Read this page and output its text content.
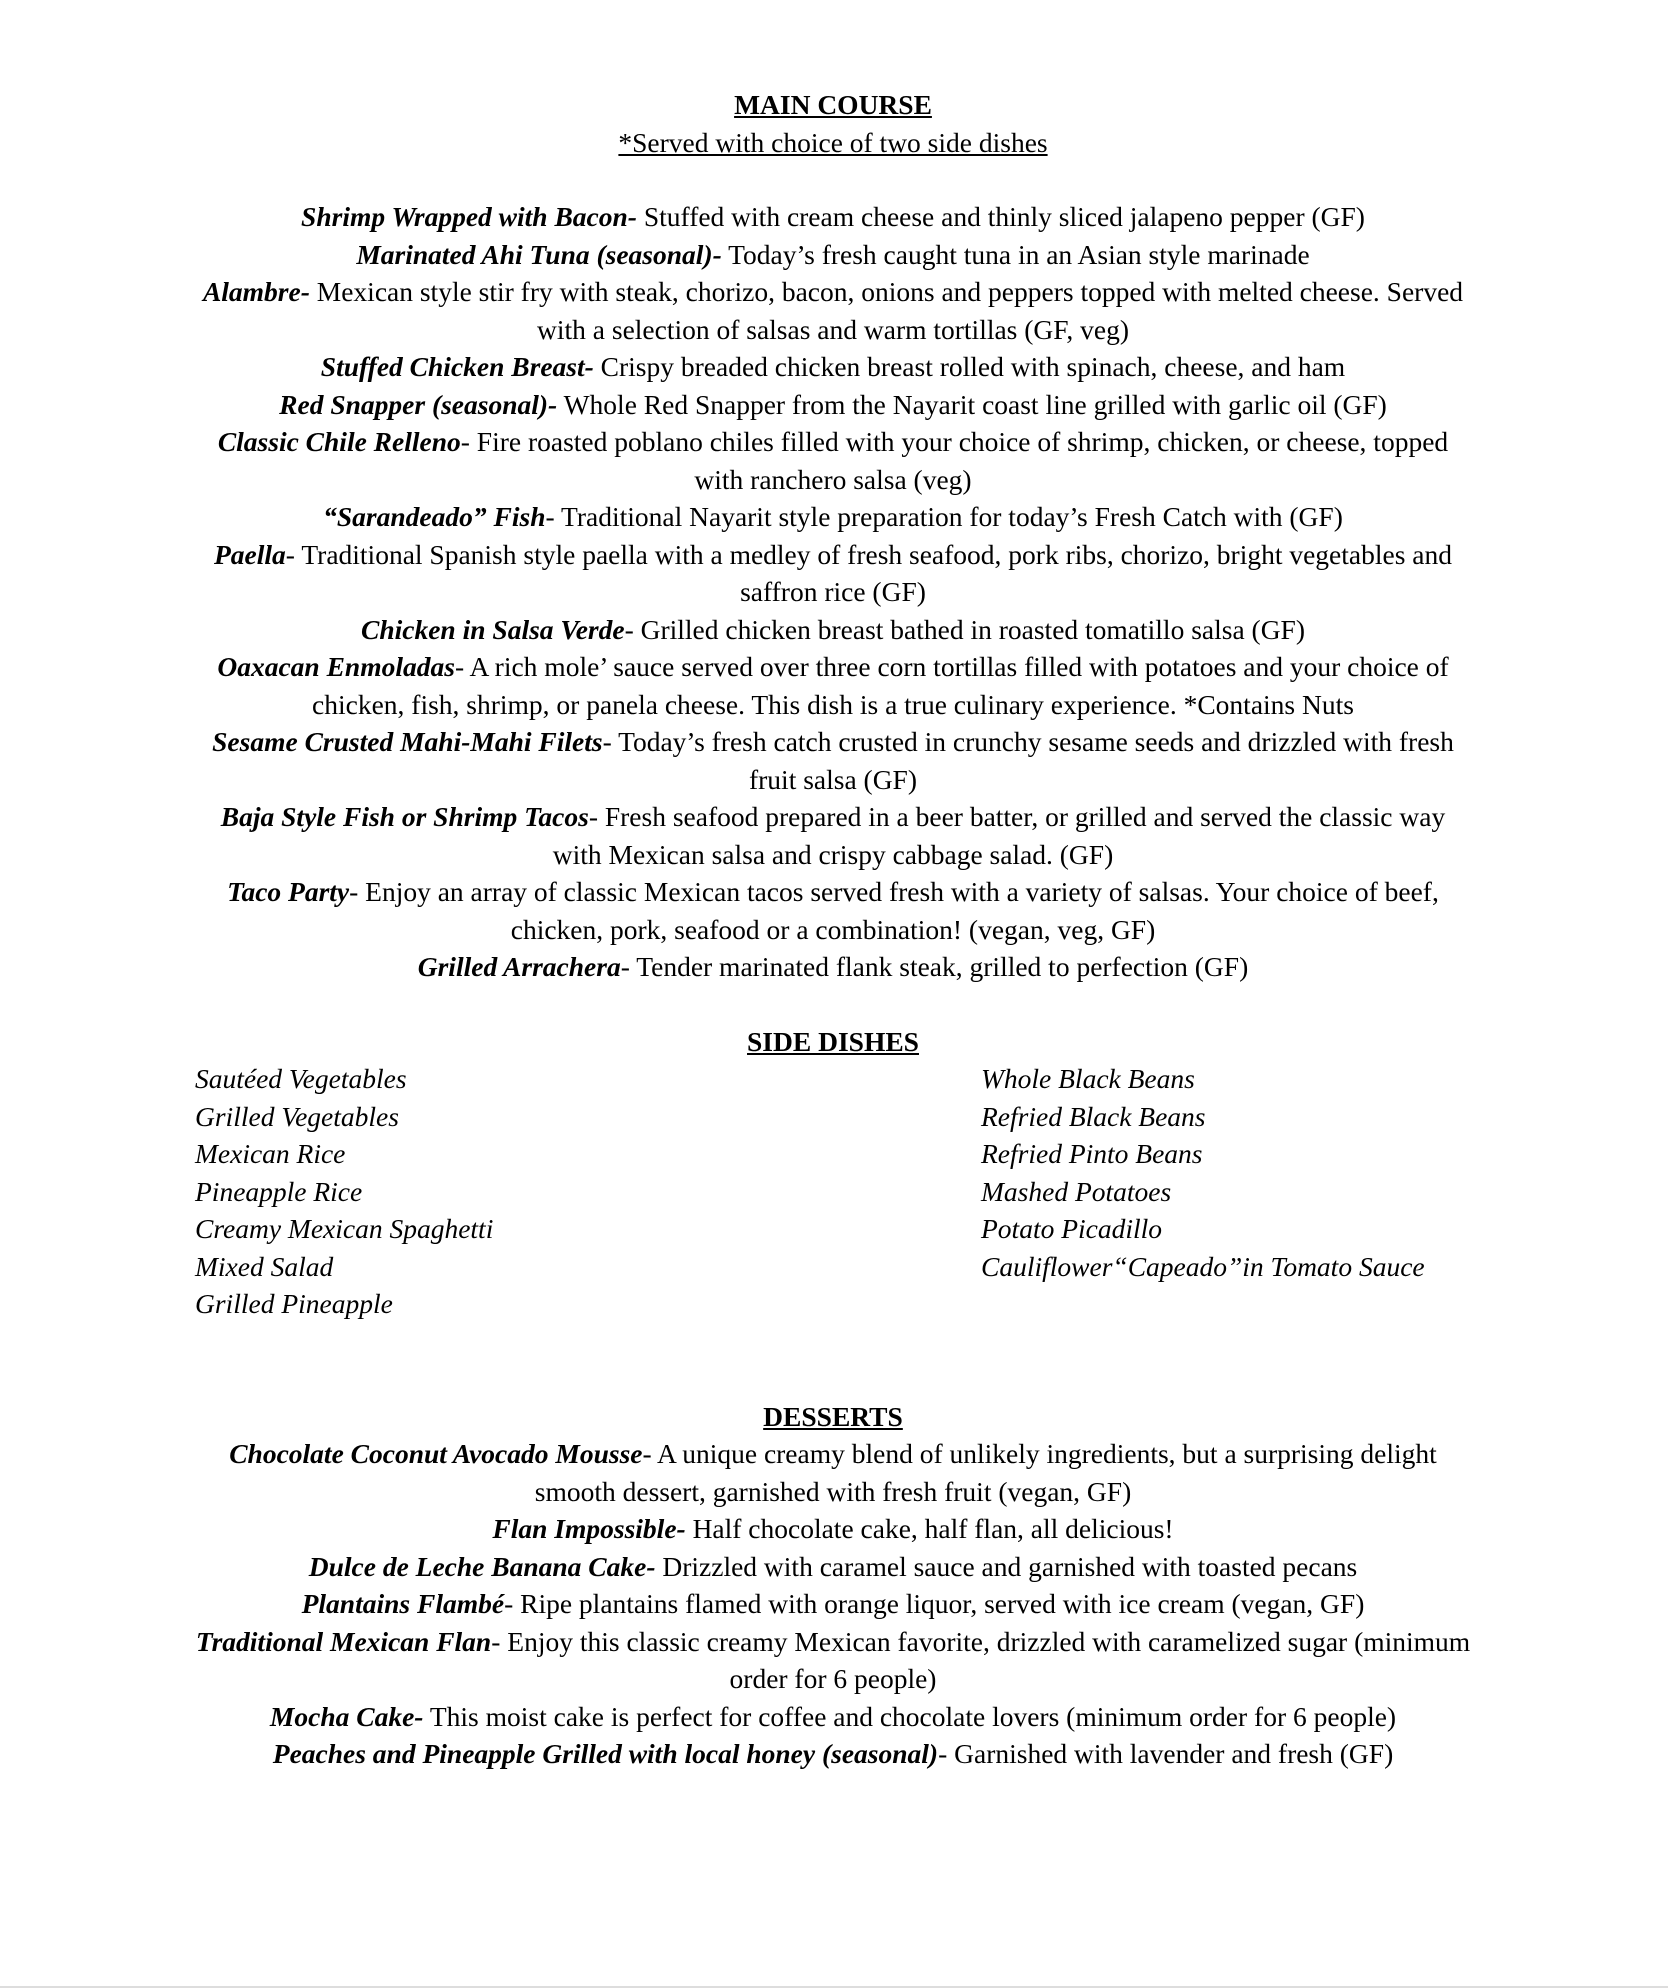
MAIN COURSE
*Served with choice of two side dishes
Shrimp Wrapped with Bacon- Stuffed with cream cheese and thinly sliced jalapeno pepper (GF)
Marinated Ahi Tuna (seasonal)- Today’s fresh caught tuna in an Asian style marinade
Alambre- Mexican style stir fry with steak, chorizo, bacon, onions and peppers topped with melted cheese. Served with a selection of salsas and warm tortillas (GF, veg)
Stuffed Chicken Breast- Crispy breaded chicken breast rolled with spinach, cheese, and ham
Red Snapper (seasonal)- Whole Red Snapper from the Nayarit coast line grilled with garlic oil (GF)
Classic Chile Relleno- Fire roasted poblano chiles filled with your choice of shrimp, chicken, or cheese, topped with ranchero salsa (veg)
“Sarandeado” Fish- Traditional Nayarit style preparation for today’s Fresh Catch with (GF)
Paella- Traditional Spanish style paella with a medley of fresh seafood, pork ribs, chorizo, bright vegetables and saffron rice (GF)
Chicken in Salsa Verde- Grilled chicken breast bathed in roasted tomatillo salsa (GF)
Oaxacan Enmoladas- A rich mole’ sauce served over three corn tortillas filled with potatoes and your choice of chicken, fish, shrimp, or panela cheese. This dish is a true culinary experience. *Contains Nuts
Sesame Crusted Mahi-Mahi Filets- Today’s fresh catch crusted in crunchy sesame seeds and drizzled with fresh fruit salsa (GF)
Baja Style Fish or Shrimp Tacos- Fresh seafood prepared in a beer batter, or grilled and served the classic way with Mexican salsa and crispy cabbage salad. (GF)
Taco Party- Enjoy an array of classic Mexican tacos served fresh with a variety of salsas. Your choice of beef, chicken, pork, seafood or a combination! (vegan, veg, GF)
Grilled Arrachera- Tender marinated flank steak, grilled to perfection (GF)
SIDE DISHES
Sautéed Vegetables
Grilled Vegetables
Mexican Rice
Pineapple Rice
Creamy Mexican Spaghetti
Mixed Salad
Grilled Pineapple
Whole Black Beans
Refried Black Beans
Refried Pinto Beans
Mashed Potatoes
Potato Picadillo
Cauliflower“Capeado”in Tomato Sauce
DESSERTS
Chocolate Coconut Avocado Mousse- A unique creamy blend of unlikely ingredients, but a surprising delight smooth dessert, garnished with fresh fruit (vegan, GF)
Flan Impossible- Half chocolate cake, half flan, all delicious!
Dulce de Leche Banana Cake- Drizzled with caramel sauce and garnished with toasted pecans
Plantains Flambé- Ripe plantains flamed with orange liquor, served with ice cream (vegan, GF)
Traditional Mexican Flan- Enjoy this classic creamy Mexican favorite, drizzled with caramelized sugar (minimum order for 6 people)
Mocha Cake- This moist cake is perfect for coffee and chocolate lovers (minimum order for 6 people)
Peaches and Pineapple Grilled with local honey (seasonal)- Garnished with lavender and fresh (GF)
